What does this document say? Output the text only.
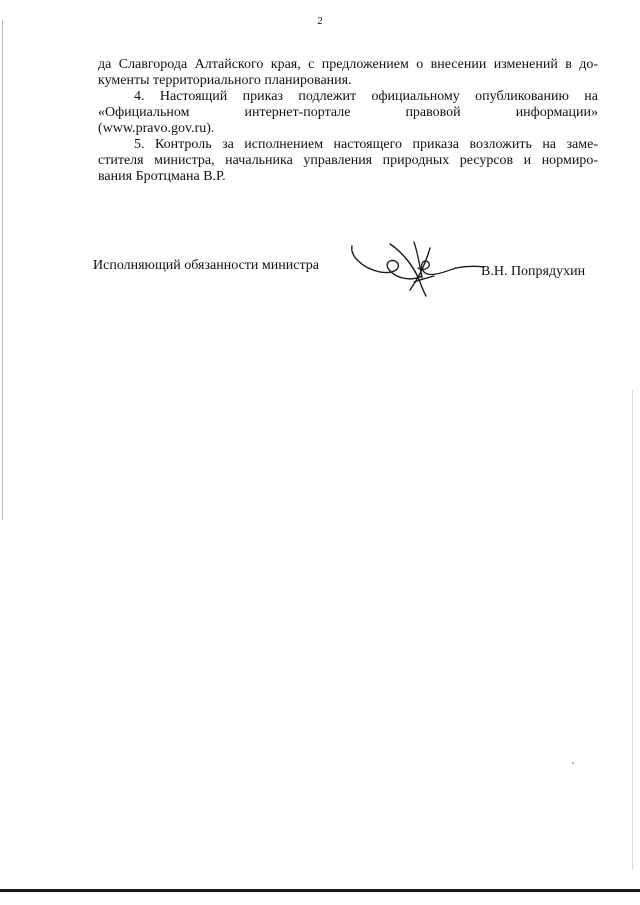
2
да Славгорода Алтайского края, с предложением о внесении изменений в до-
кументы территориального планирования.
4. Настоящий приказ подлежит официальному опубликованию на
«Официальном интернет-портале правовой информации»
(www.pravo.gov.ru).
5. Контроль за исполнением настоящего приказа возложить на заме-
стителя министра, начальника управления природных ресурсов и нормиро-
вания Бротцмана В.Р.
Исполняющий обязанности министра	В.Н. Попрядухин
